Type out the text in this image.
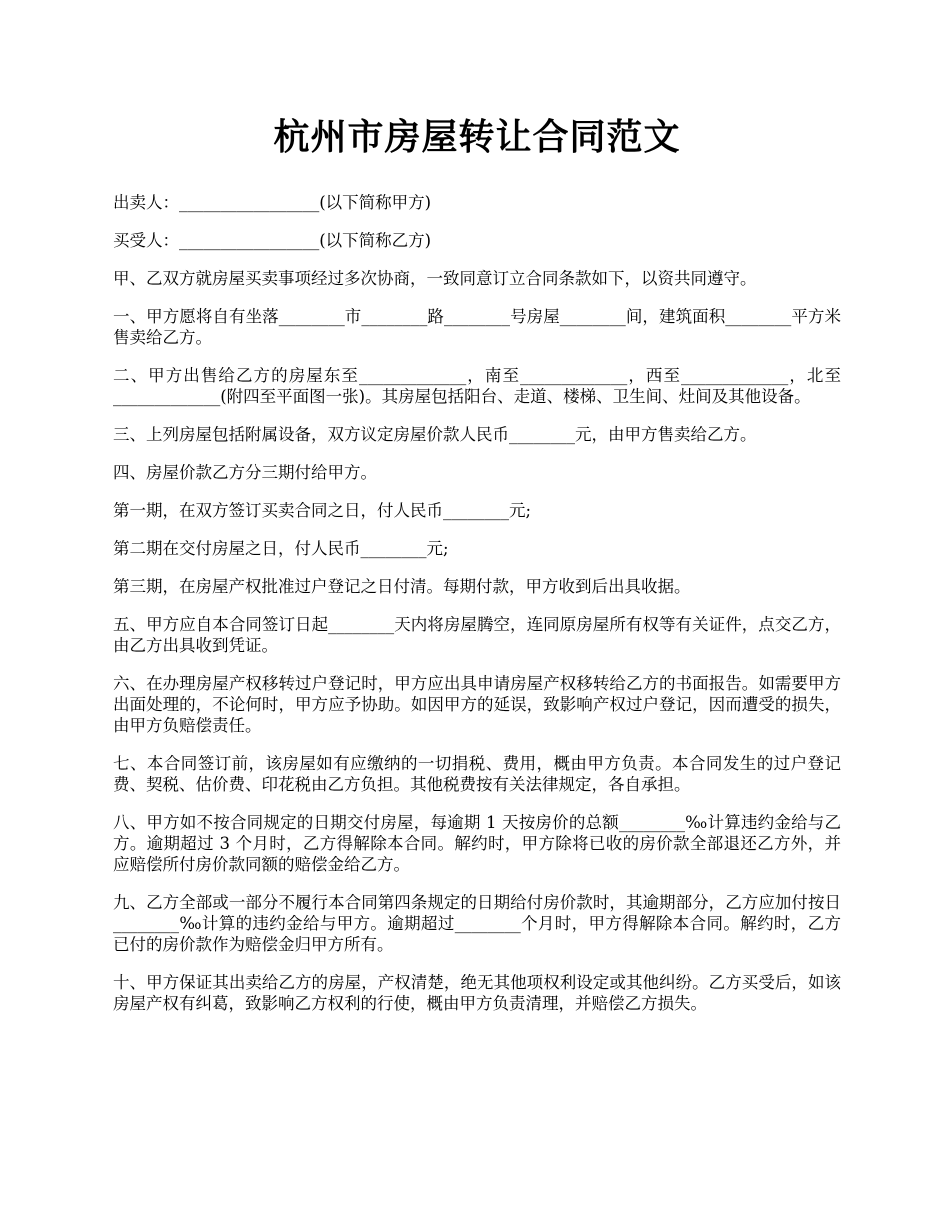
杭州市房屋转让合同范文

出卖人：_________________(以下简称甲方)

买受人：_________________(以下简称乙方)

甲、乙双方就房屋买卖事项经过多次协商，一致同意订立合同条款如下，以资共同遵守。

一、甲方愿将自有坐落________市________路________号房屋________间，建筑面积________平方米售卖给乙方。

二、甲方出售给乙方的房屋东至_____________，南至_____________，西至_____________，北至_____________(附四至平面图一张)。其房屋包括阳台、走道、楼梯、卫生间、灶间及其他设备。

三、上列房屋包括附属设备，双方议定房屋价款人民币________元，由甲方售卖给乙方。

四、房屋价款乙方分三期付给甲方。

第一期，在双方签订买卖合同之日，付人民币________元;

第二期在交付房屋之日，付人民币________元;

第三期，在房屋产权批准过户登记之日付清。每期付款，甲方收到后出具收据。

五、甲方应自本合同签订日起________天内将房屋腾空，连同原房屋所有权等有关证件，点交乙方，由乙方出具收到凭证。

六、在办理房屋产权移转过户登记时，甲方应出具申请房屋产权移转给乙方的书面报告。如需要甲方出面处理的，不论何时，甲方应予协助。如因甲方的延误，致影响产权过户登记，因而遭受的损失，由甲方负赔偿责任。

七、本合同签订前，该房屋如有应缴纳的一切捐税、费用，概由甲方负责。本合同发生的过户登记费、契税、估价费、印花税由乙方负担。其他税费按有关法律规定，各自承担。

八、甲方如不按合同规定的日期交付房屋，每逾期 1 天按房价的总额________‰计算违约金给与乙方。逾期超过 3 个月时，乙方得解除本合同。解约时，甲方除将已收的房价款全部退还乙方外，并应赔偿所付房价款同额的赔偿金给乙方。

九、乙方全部或一部分不履行本合同第四条规定的日期给付房价款时，其逾期部分，乙方应加付按日________‰计算的违约金给与甲方。逾期超过________个月时，甲方得解除本合同。解约时，乙方已付的房价款作为赔偿金归甲方所有。

十、甲方保证其出卖给乙方的房屋，产权清楚，绝无其他项权利设定或其他纠纷。乙方买受后，如该房屋产权有纠葛，致影响乙方权利的行使，概由甲方负责清理，并赔偿乙方损失。
